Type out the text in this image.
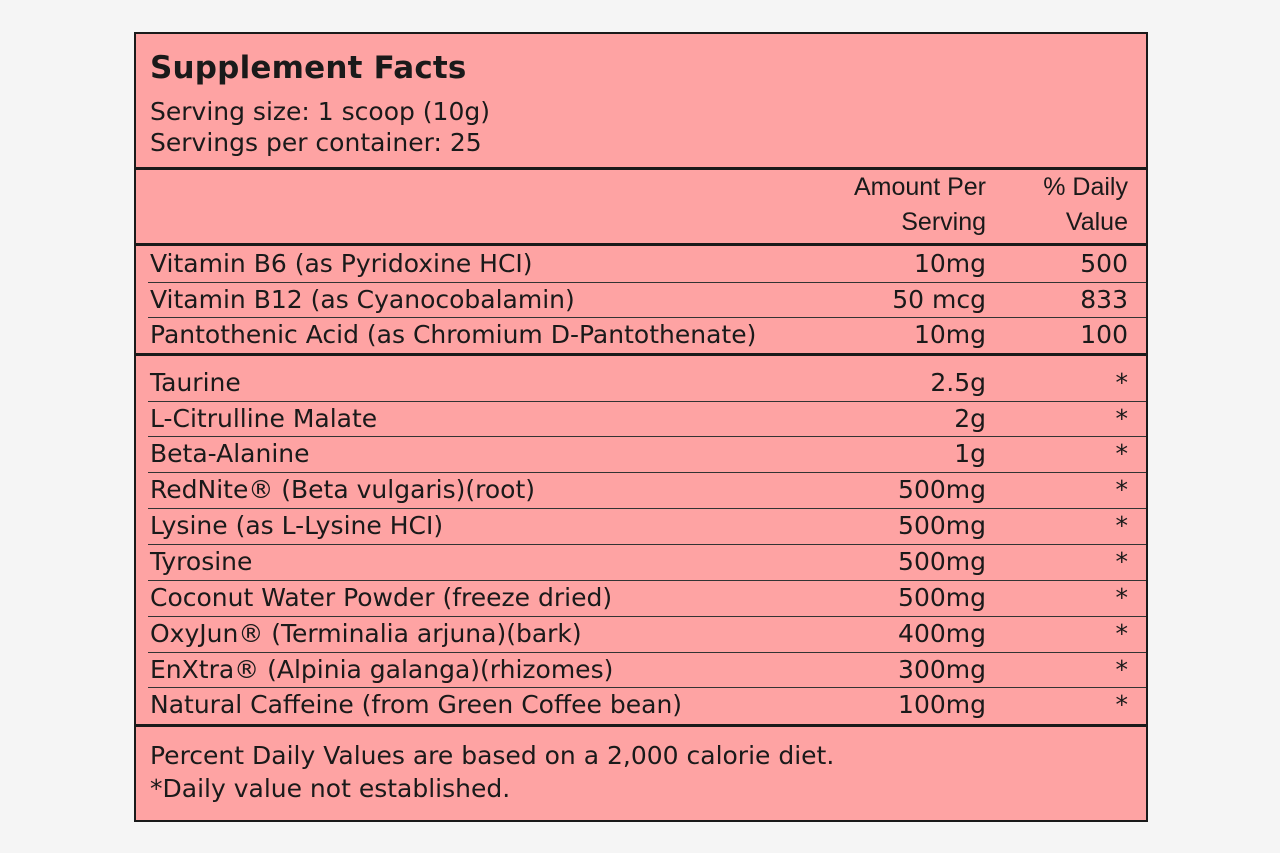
Supplement Facts
Serving size: 1 scoop (10g)
Servings per container: 25
Amount Per
Serving
% Daily
Value
Vitamin B6 (as Pyridoxine HCI)	10mg	500
Vitamin B12 (as Cyanocobalamin)	50 mcg	833
Pantothenic Acid (as Chromium D-Pantothenate)	10mg	100
Taurine	2.5g	*
L-Citrulline Malate	2g	*
Beta-Alanine	1g	*
RedNite® (Beta vulgaris)(root)	500mg	*
Lysine (as L-Lysine HCI)	500mg	*
Tyrosine	500mg	*
Coconut Water Powder (freeze dried)	500mg	*
OxyJun® (Terminalia arjuna)(bark)	400mg	*
EnXtra® (Alpinia galanga)(rhizomes)	300mg	*
Natural Caffeine (from Green Coffee bean)	100mg	*
Percent Daily Values are based on a 2,000 calorie diet.
*Daily value not established.
